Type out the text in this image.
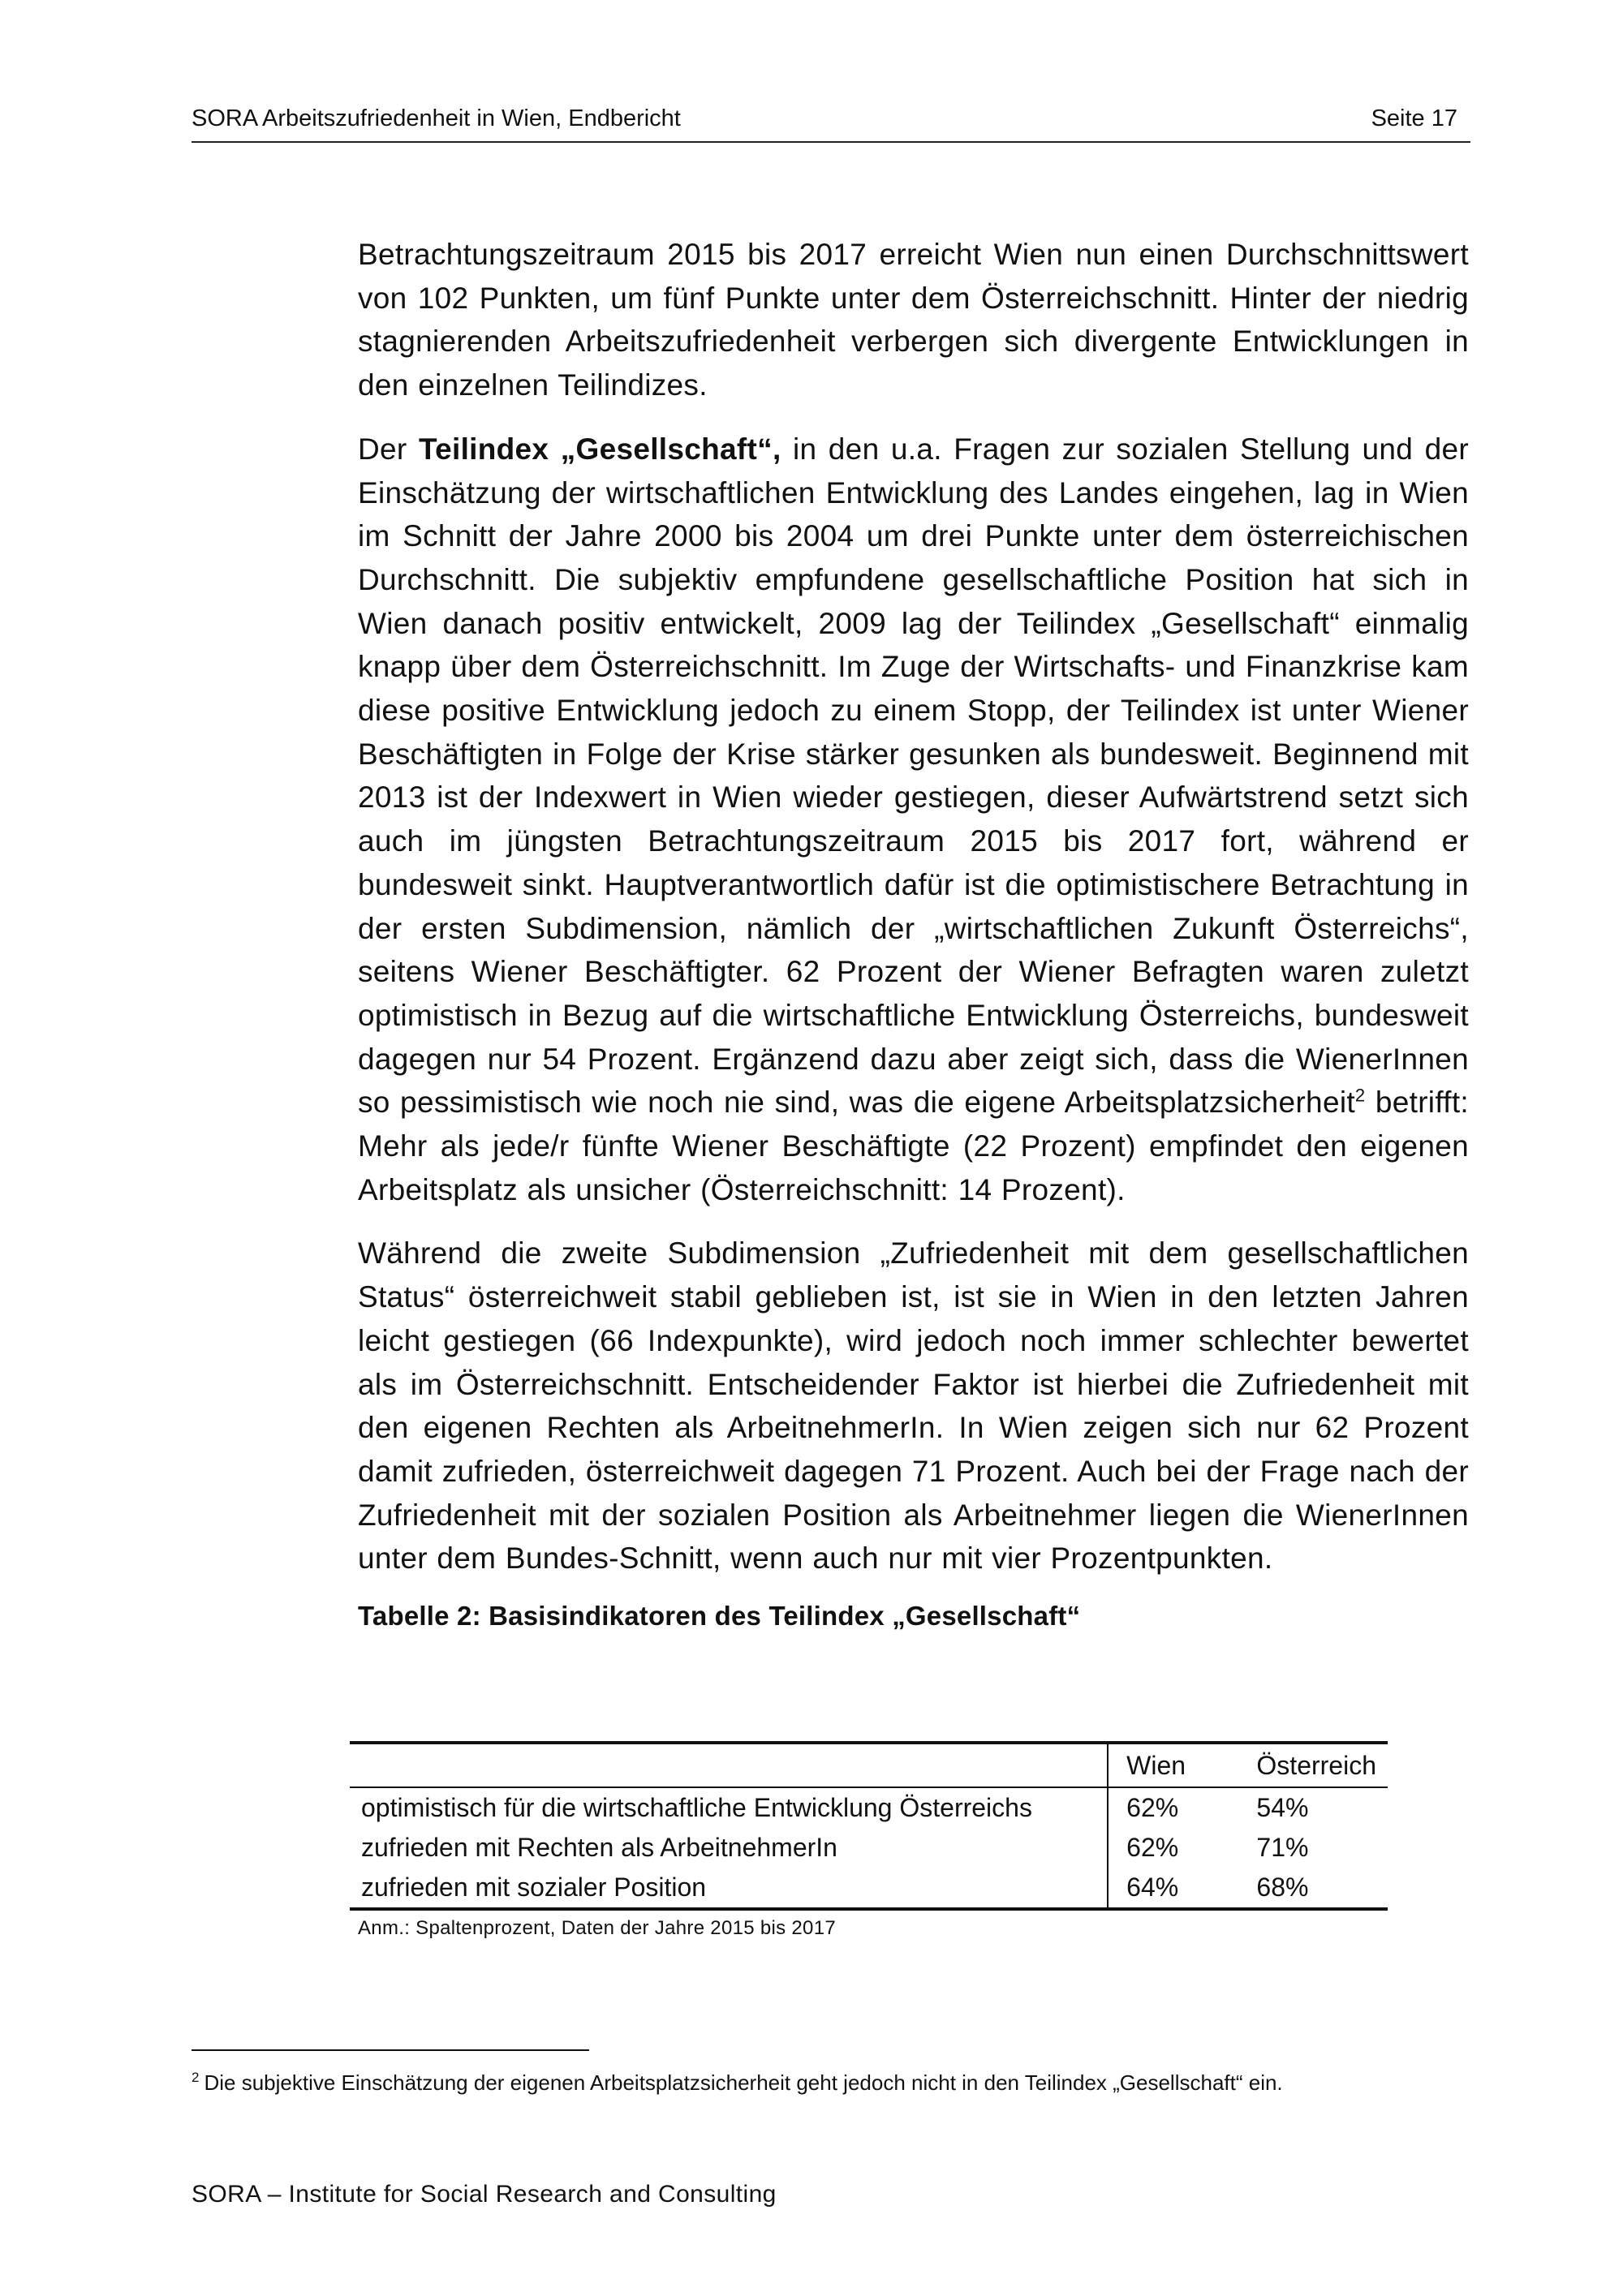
SORA Arbeitszufriedenheit in Wien, Endbericht	Seite 17

Betrachtungszeitraum 2015 bis 2017 erreicht Wien nun einen Durchschnittswert von 102 Punkten, um fünf Punkte unter dem Österreichschnitt. Hinter der niedrig stagnierenden Arbeitszufriedenheit verbergen sich divergente Entwicklungen in den einzelnen Teilindizes.

Der Teilindex „Gesellschaft“, in den u.a. Fragen zur sozialen Stellung und der Einschätzung der wirtschaftlichen Entwicklung des Landes eingehen, lag in Wien im Schnitt der Jahre 2000 bis 2004 um drei Punkte unter dem österreichischen Durchschnitt. Die subjektiv empfundene gesellschaftliche Position hat sich in Wien danach positiv entwickelt, 2009 lag der Teilindex „Gesellschaft“ einmalig knapp über dem Österreichschnitt. Im Zuge der Wirtschafts- und Finanzkrise kam diese positive Entwicklung jedoch zu einem Stopp, der Teilindex ist unter Wiener Beschäftigten in Folge der Krise stärker gesunken als bundesweit. Beginnend mit 2013 ist der Indexwert in Wien wieder gestiegen, dieser Aufwärtstrend setzt sich auch im jüngsten Betrachtungszeitraum 2015 bis 2017 fort, während er bundesweit sinkt. Hauptverantwortlich dafür ist die optimistischere Betrachtung in der ersten Subdimension, nämlich der „wirtschaftlichen Zukunft Österreichs“, seitens Wiener Beschäftigter. 62 Prozent der Wiener Befragten waren zuletzt optimistisch in Bezug auf die wirtschaftliche Entwicklung Österreichs, bundesweit dagegen nur 54 Prozent. Ergänzend dazu aber zeigt sich, dass die WienerInnen so pessimistisch wie noch nie sind, was die eigene Arbeitsplatzsicherheit$^2$ betrifft: Mehr als jede/r fünfte Wiener Beschäftigte (22 Prozent) empfindet den eigenen Arbeitsplatz als unsicher (Österreichschnitt: 14 Prozent).

Während die zweite Subdimension „Zufriedenheit mit dem gesellschaftlichen Status“ österreichweit stabil geblieben ist, ist sie in Wien in den letzten Jahren leicht gestiegen (66 Indexpunkte), wird jedoch noch immer schlechter bewertet als im Österreichschnitt. Entscheidender Faktor ist hierbei die Zufriedenheit mit den eigenen Rechten als ArbeitnehmerIn. In Wien zeigen sich nur 62 Prozent damit zufrieden, österreichweit dagegen 71 Prozent. Auch bei der Frage nach der Zufriedenheit mit der sozialen Position als Arbeitnehmer liegen die WienerInnen unter dem Bundes-Schnitt, wenn auch nur mit vier Prozentpunkten.

Tabelle 2: Basisindikatoren des Teilindex „Gesellschaft“
	Wien	Österreich
optimistisch für die wirtschaftliche Entwicklung Österreichs	62%	54%
zufrieden mit Rechten als ArbeitnehmerIn	62%	71%
zufrieden mit sozialer Position	64%	68%
Anm.: Spaltenprozent, Daten der Jahre 2015 bis 2017
$^2$ Die subjektive Einschätzung der eigenen Arbeitsplatzsicherheit geht jedoch nicht in den Teilindex „Gesellschaft“ ein.
SORA – Institute for Social Research and Consulting
